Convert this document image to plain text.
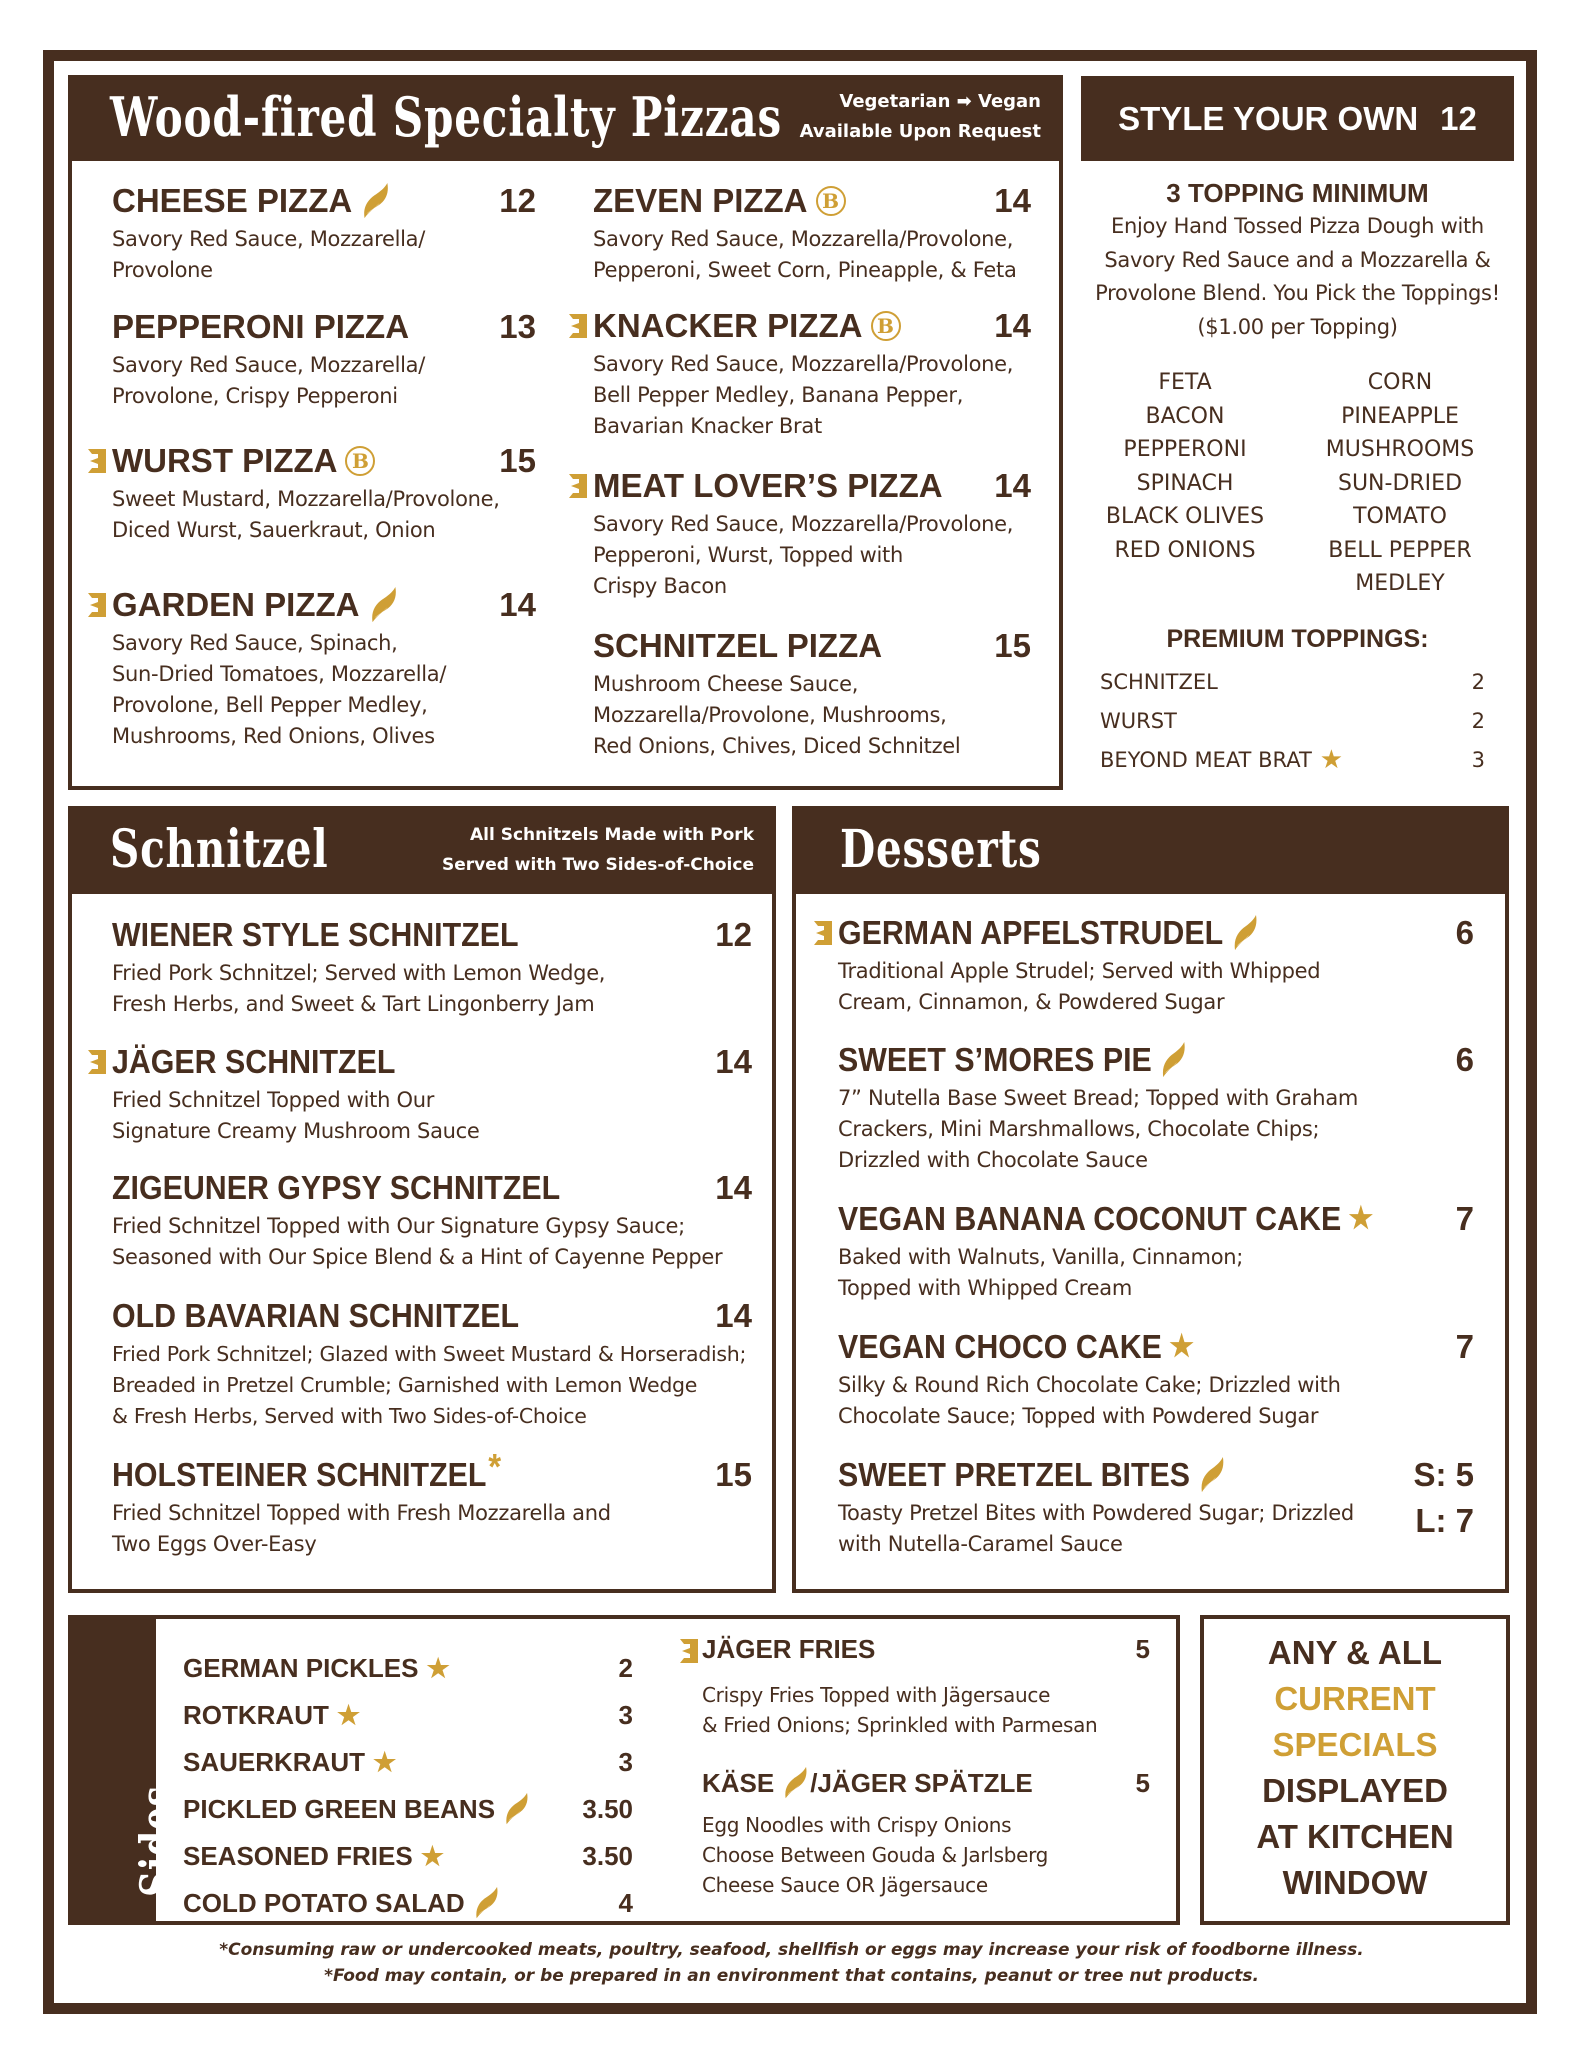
Wood-fired Specialty Pizzas	Vegetarian ➡ Vegan
Available Upon Request
CHEESE PIZZA	12
Savory Red Sauce, Mozzarella/
Provolone
PEPPERONI PIZZA	13
Savory Red Sauce, Mozzarella/
Provolone, Crispy Pepperoni
WURST PIZZA B	15
Sweet Mustard, Mozzarella/Provolone,
Diced Wurst, Sauerkraut, Onion
GARDEN PIZZA	14
Savory Red Sauce, Spinach,
Sun-Dried Tomatoes, Mozzarella/
Provolone, Bell Pepper Medley,
Mushrooms, Red Onions, Olives
ZEVEN PIZZA B	14
Savory Red Sauce, Mozzarella/Provolone,
Pepperoni, Sweet Corn, Pineapple, & Feta
KNACKER PIZZA B	14
Savory Red Sauce, Mozzarella/Provolone,
Bell Pepper Medley, Banana Pepper,
Bavarian Knacker Brat
MEAT LOVER’S PIZZA 14
Savory Red Sauce, Mozzarella/Provolone,
Pepperoni, Wurst, Topped with
Crispy Bacon
SCHNITZEL PIZZA	15
Mushroom Cheese Sauce,
Mozzarella/Provolone, Mushrooms,
Red Onions, Chives, Diced Schnitzel
STYLE YOUR OWN 12
3 TOPPING MINIMUM
Enjoy Hand Tossed Pizza Dough with
Savory Red Sauce and a Mozzarella &
Provolone Blend. You Pick the Toppings!
($1.00 per Topping)
FETA
BACON
PEPPERONI
SPINACH
BLACK OLIVES
RED ONIONS
CORN
PINEAPPLE
MUSHROOMS
SUN-DRIED
TOMATO
BELL PEPPER
MEDLEY
PREMIUM TOPPINGS:
SCHNITZEL	2
WURST	2
BEYOND MEAT BRAT ★	3
Schnitzel	All Schnitzels Made with Pork
Served with Two Sides-of-Choice
WIENER STYLE SCHNITZEL	12
Fried Pork Schnitzel; Served with Lemon Wedge,
Fresh Herbs, and Sweet & Tart Lingonberry Jam
JÄGER SCHNITZEL	14
Fried Schnitzel Topped with Our
Signature Creamy Mushroom Sauce
ZIGEUNER GYPSY SCHNITZEL	14
Fried Schnitzel Topped with Our Signature Gypsy Sauce;
Seasoned with Our Spice Blend & a Hint of Cayenne Pepper
OLD BAVARIAN SCHNITZEL	14
Fried Pork Schnitzel; Glazed with Sweet Mustard & Horseradish;
Breaded in Pretzel Crumble; Garnished with Lemon Wedge
& Fresh Herbs, Served with Two Sides-of-Choice
HOLSTEINER SCHNITZEL *	15
Fried Schnitzel Topped with Fresh Mozzarella and
Two Eggs Over-Easy
Desserts
GERMAN APFELSTRUDEL	6
Traditional Apple Strudel; Served with Whipped
Cream, Cinnamon, & Powdered Sugar
SWEET S’MORES PIE	6
7” Nutella Base Sweet Bread; Topped with Graham
Crackers, Mini Marshmallows, Chocolate Chips;
Drizzled with Chocolate Sauce
VEGAN BANANA COCONUT CAKE ★ 7
Baked with Walnuts, Vanilla, Cinnamon;
Topped with Whipped Cream
VEGAN CHOCO CAKE ★	7
Silky & Round Rich Chocolate Cake; Drizzled with
Chocolate Sauce; Topped with Powdered Sugar
SWEET PRETZEL BITES	S: 5
L: 7
Toasty Pretzel Bites with Powdered Sugar; Drizzled
with Nutella-Caramel Sauce
Sides
GERMAN PICKLES ★	2
ROTKRAUT ★	3
SAUERKRAUT ★	3
PICKLED GREEN BEANS	3.50
SEASONED FRIES ★	3.50
COLD POTATO SALAD	4
JÄGER FRIES	5
Crispy Fries Topped with Jägersauce
& Fried Onions; Sprinkled with Parmesan
KÄSE /JÄGER SPÄTZLE	5
Egg Noodles with Crispy Onions
Choose Between Gouda & Jarlsberg
Cheese Sauce OR Jägersauce
ANY & ALL
CURRENT
SPECIALS
DISPLAYED
AT KITCHEN
WINDOW
*Consuming raw or undercooked meats, poultry, seafood, shellfish or eggs may increase your risk of foodborne illness.
*Food may contain, or be prepared in an environment that contains, peanut or tree nut products.
